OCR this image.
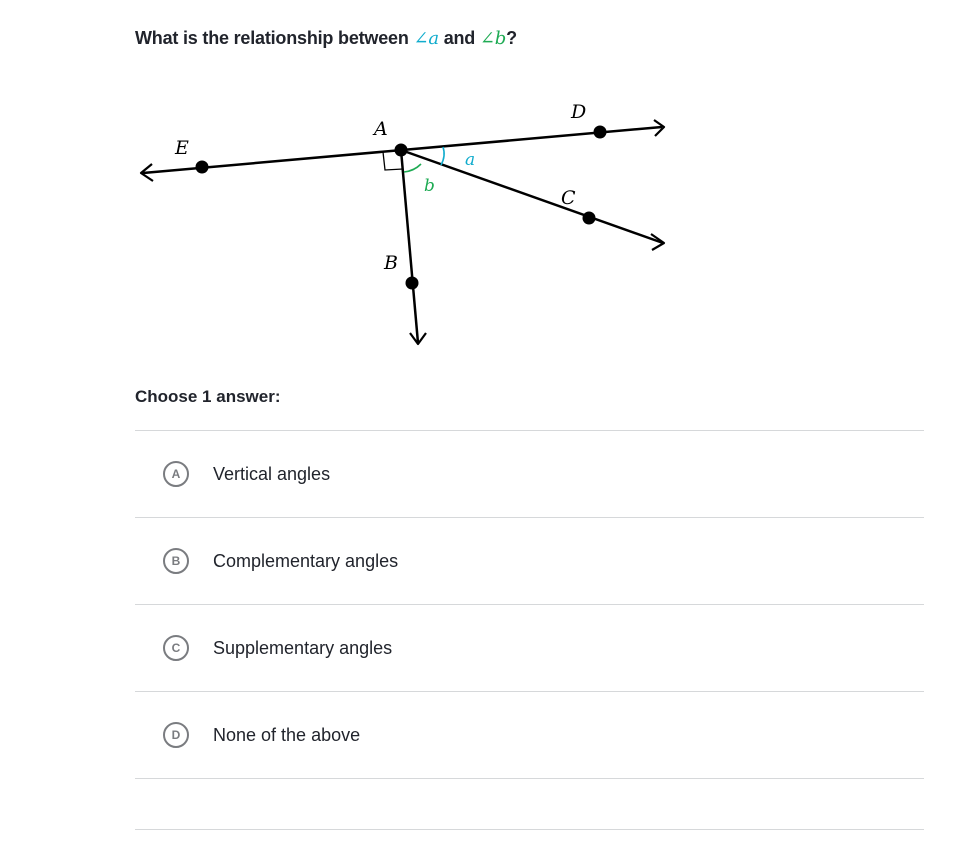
What is the relationship between ∠a and ∠b?
E
A
D
C
B
a
b
Choose 1 answer:
A	Vertical angles
B	Complementary angles
C	Supplementary angles
D	None of the above
